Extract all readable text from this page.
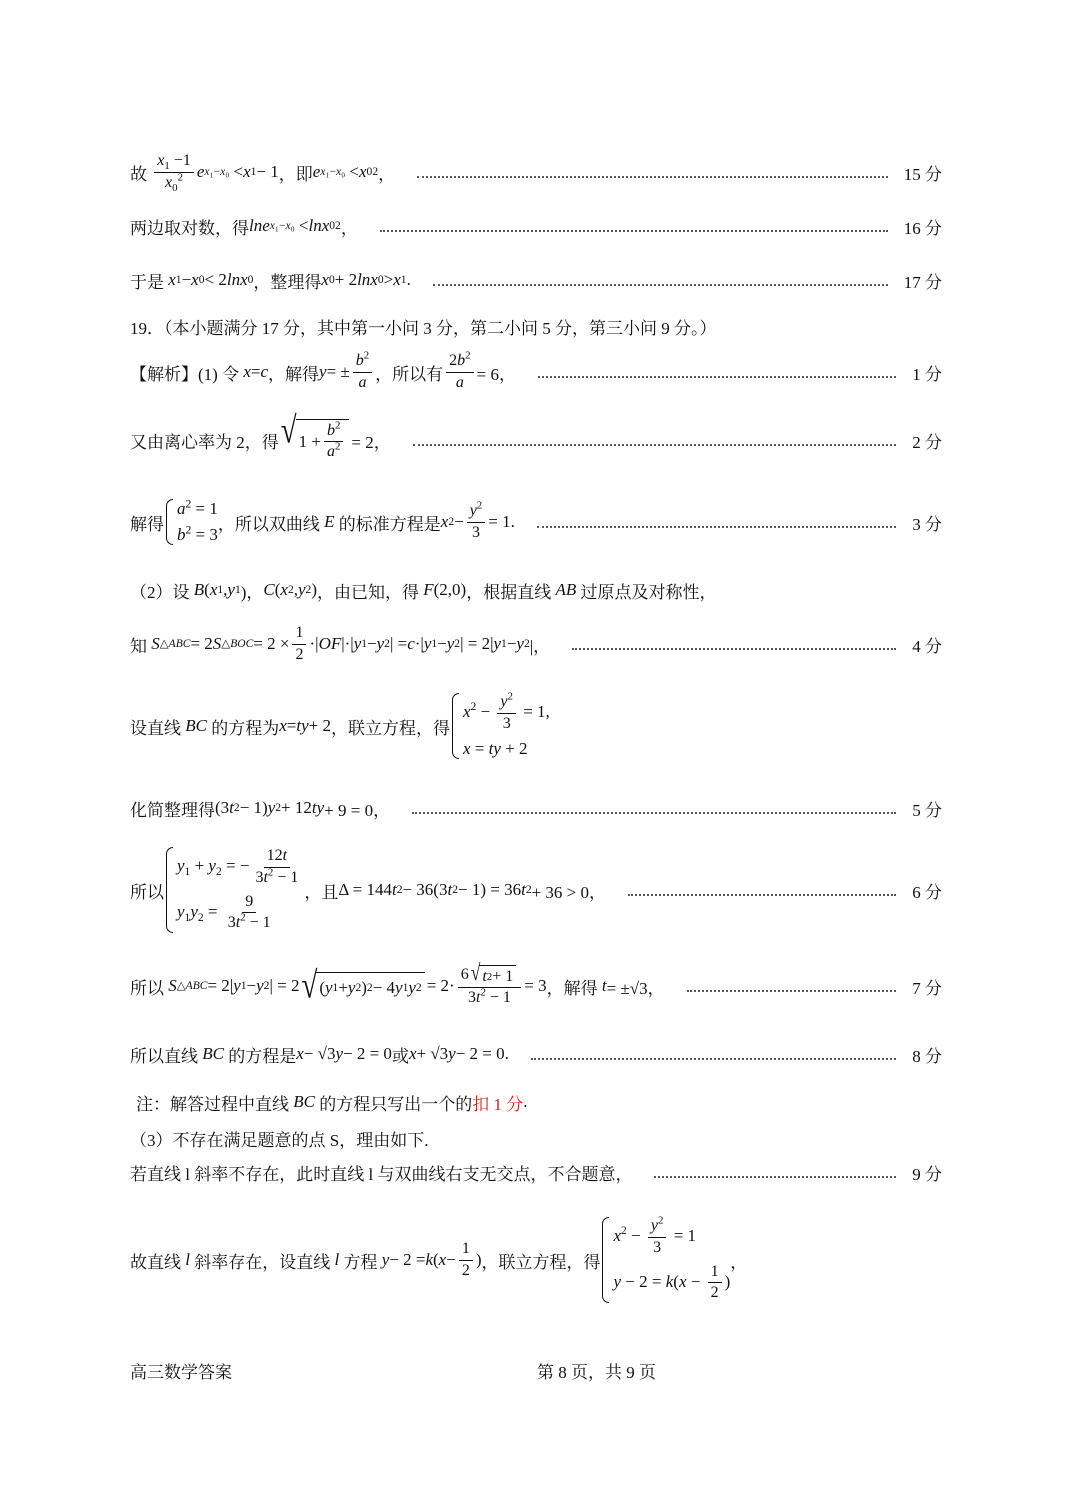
故
$\frac{x_1 -1}{x_0^2}$ e x₁−x₀ < x 1 − 1 ，即 e x₁−x₀ < x 0 2 ，	15 分
两边取对数，得 lne x₁−x₀ < lnx 0 2 ，	16 分
于是
x 1 − x 0 < 2 lnx 0 ，整理得 x 0 + 2 lnx 0 > x 1 .	17 分
19．（本小题满分 17 分，其中第一小问 3 分，第二小问 5 分，第三小问 9 分。）
【解析】(1) 令
x = c ，解得 y = ± $\frac{b^2}{a}$ ，所以有 $\frac{2b^2}{a} = 6$，	1 分
又由离心率为 2，得 √ $1 + \frac{b^2}{a^2} = 2$，	2 分
解得
$a^2 = 1$
$b^2 = 3$
，所以双曲线 E 的标准方程是 x $2 - \frac{y^2}{3} = 1$.	3 分
（2）设
B ( x 1 , y 1 )， C ( x 2 , y 2 ) ，由已知，得
F (2,0) ，根据直线
AB
过原点及对称性，
知
S △ABC = 2 S △BOC = $2 \times \frac{1}{2}$ ·| OF |·| y 1 − y 2 | = c ·| y 1 − y 2 | = 2| y 1 − y 2 |，	4 分
设直线 BC 的方程为 x = ty + 2 ，联立方程，得
$x^2 - \frac{y^2}{3} = 1$,
x = ty + 2
化简整理得 (3 t 2 − 1) y 2 + 12 ty + 9 = 0，	5 分
所以
$y_1 + y_2$ = − $\frac{12t}{3t^2 - 1}$
$y_1y_2 = \frac{9}{3t^2 - 1}$
，且 Δ = 144 t 2 − 36(3 t 2 − 1) = 36 t 2 + 36 > 0，	6 分
所以
S △ABC = 2| y 1 − y 2 | = 2 √ ( y 1 + y 2 ) 2 − 4 y 1 y $2 = 2\cdot \frac{6 √ t 2 + 1}{3t^2 - 1} = 3$ ，解得
t = ±√3，	7 分
所以直线 BC 的方程是 x − √3 y − 2 = 0 或 x + √3 y − 2 = 0.	8 分
注：解答过程中直线 BC 的方程只写出一个的 扣 1 分 .
（3）不存在满足题意的点 S，理由如下.
若直线 l 斜率不存在，此时直线 l 与双曲线右支无交点，不合题意，	9 分
故直线 l 斜率存在，设直线 l 方程
y − 2 = k ( $x - \frac{1}{2}$ ) ，联立方程，得
$x^2 - \frac{y^2}{3} = 1$
$y - 2 = k(x - \frac{1}{2}$ )
，
高三数学答案	第 8 页，共 9 页
